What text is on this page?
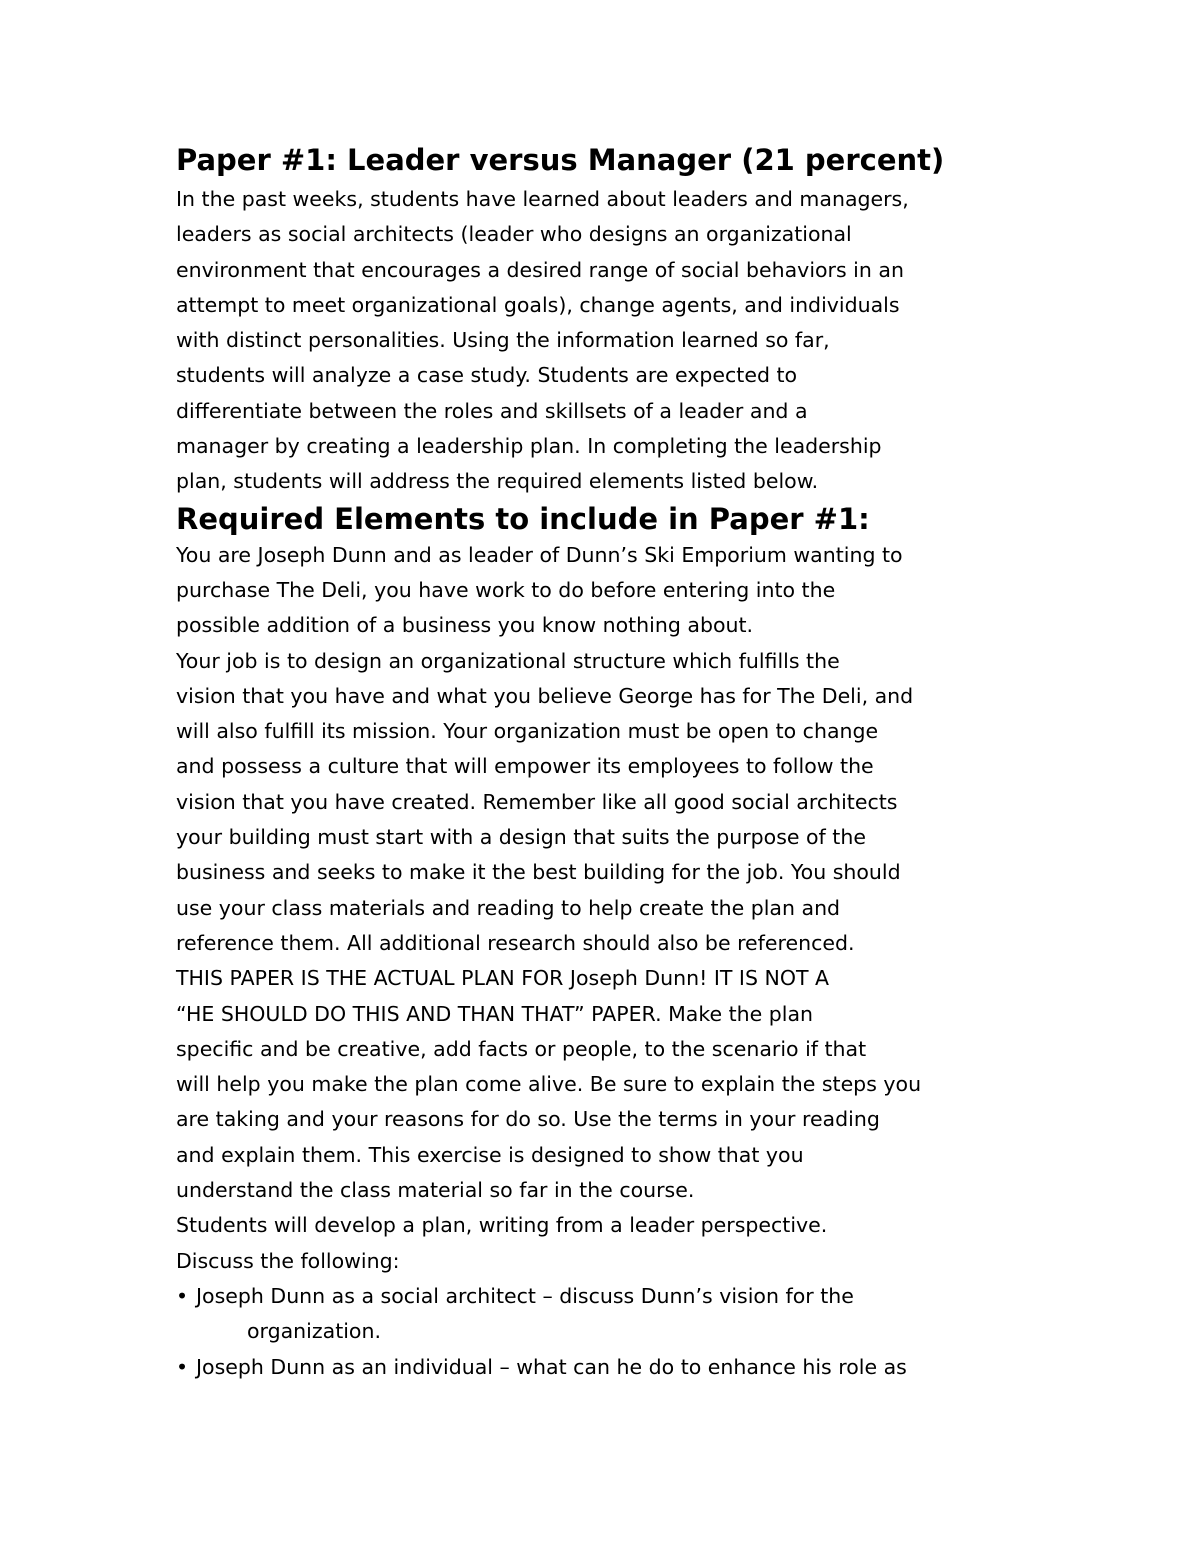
Paper #1: Leader versus Manager (21 percent)
In the past weeks, students have learned about leaders and managers,
leaders as social architects (leader who designs an organizational
environment that encourages a desired range of social behaviors in an
attempt to meet organizational goals), change agents, and individuals
with distinct personalities. Using the information learned so far,
students will analyze a case study. Students are expected to
differentiate between the roles and skillsets of a leader and a
manager by creating a leadership plan. In completing the leadership
plan, students will address the required elements listed below.
Required Elements to include in Paper #1:
You are Joseph Dunn and as leader of Dunn’s Ski Emporium wanting to
purchase The Deli, you have work to do before entering into the
possible addition of a business you know nothing about.
Your job is to design an organizational structure which fulfills the
vision that you have and what you believe George has for The Deli, and
will also fulfill its mission. Your organization must be open to change
and possess a culture that will empower its employees to follow the
vision that you have created. Remember like all good social architects
your building must start with a design that suits the purpose of the
business and seeks to make it the best building for the job. You should
use your class materials and reading to help create the plan and
reference them. All additional research should also be referenced.
THIS PAPER IS THE ACTUAL PLAN FOR Joseph Dunn! IT IS NOT A
“HE SHOULD DO THIS AND THAN THAT” PAPER. Make the plan
specific and be creative, add facts or people, to the scenario if that
will help you make the plan come alive. Be sure to explain the steps you
are taking and your reasons for do so. Use the terms in your reading
and explain them. This exercise is designed to show that you
understand the class material so far in the course.
Students will develop a plan, writing from a leader perspective.
Discuss the following:
• Joseph Dunn as a social architect – discuss Dunn’s vision for the
organization.
• Joseph Dunn as an individual – what can he do to enhance his role as
